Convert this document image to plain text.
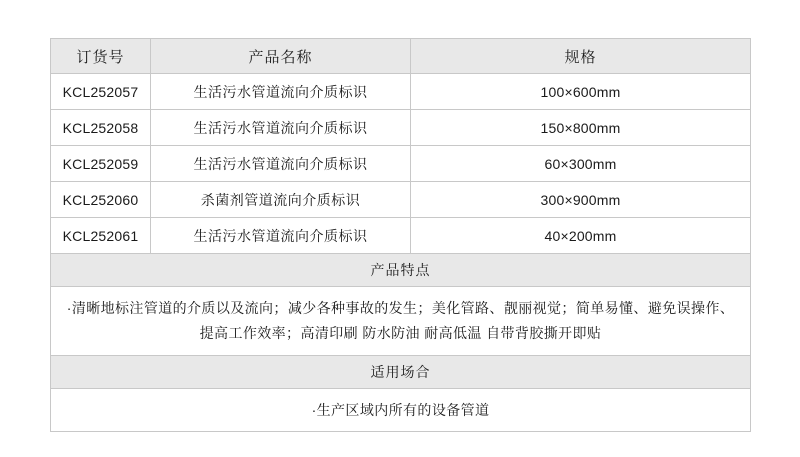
订货号	产品名称	规格
KCL252057	生活污水管道流向介质标识	100×600mm
KCL252058	生活污水管道流向介质标识	150×800mm
KCL252059	生活污水管道流向介质标识	60×300mm
KCL252060	杀菌剂管道流向介质标识	300×900mm
KCL252061	生活污水管道流向介质标识	40×200mm
产品特点		
·清晰地标注管道的介质以及流向；减少各种事故的发生；美化管路、靓丽视觉；简单易懂、避免误操作、提高工作效率；高清印刷 防水防油 耐高低温 自带背胶撕开即贴		
适用场合		
·生产区域内所有的设备管道		
